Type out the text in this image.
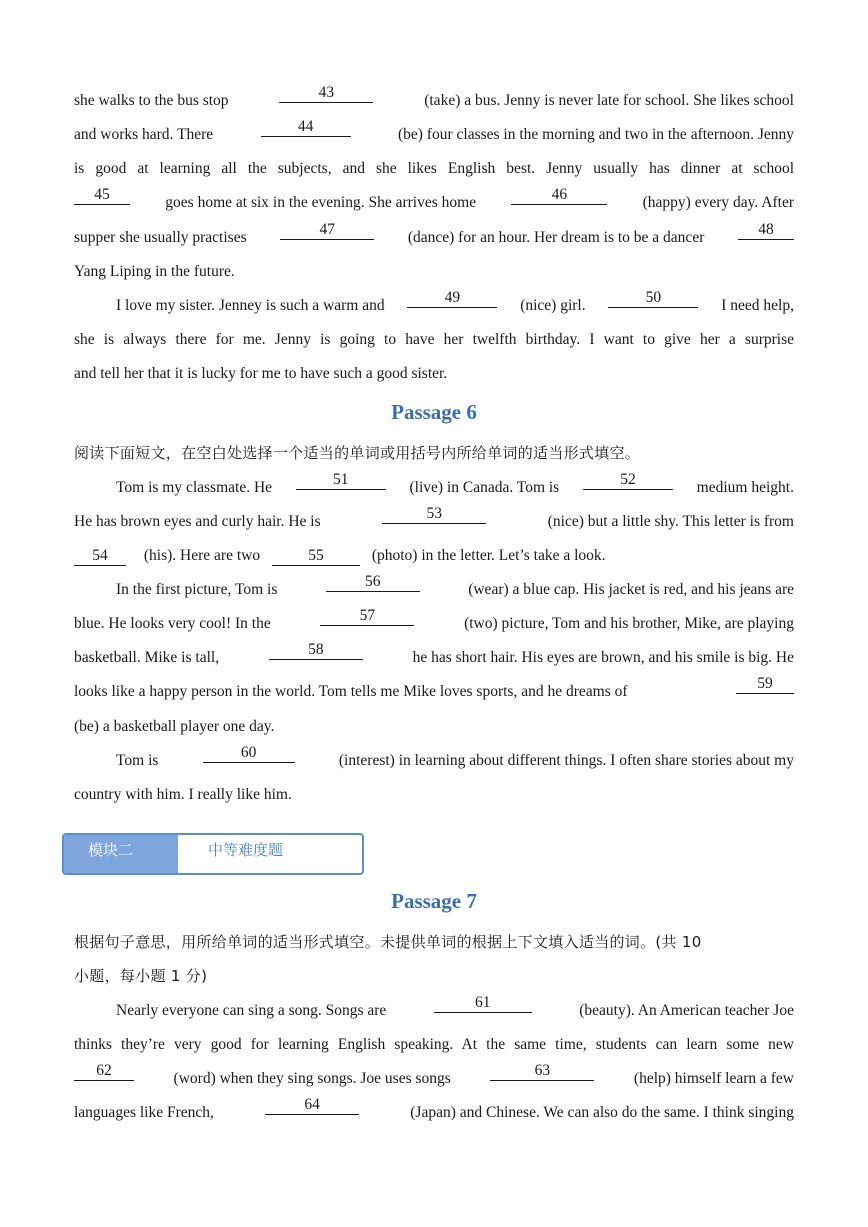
she walks to the bus stop	43	(take) a bus. Jenny is never late for school. She likes school
and works hard. There	44	(be) four classes in the morning and two in the afternoon. Jenny
is good at learning all the subjects, and she likes English best. Jenny usually has dinner at school
45	goes home at six in the evening. She arrives home	46	(happy) every day. After
supper she usually practises	47	(dance) for an hour. Her dream is to be a dancer	48
Yang Liping in the future.
I love my sister. Jenney is such a warm and	49	(nice) girl.	50	I need help,
she is always there for me. Jenny is going to have her twelfth birthday. I want to give her a surprise
and tell her that it is lucky for me to have such a good sister.
Passage 6
阅读下面短文，在空白处选择一个适当的单词或用括号内所给单词的适当形式填空。
Tom is my classmate. He	51	(live) in Canada. Tom is	52	medium height.
He has brown eyes and curly hair. He is	53	(nice) but a little shy. This letter is from
54 (his). Here are two	55	(photo) in the letter. Let’s take a look.
In the first picture, Tom is	56	(wear) a blue cap. His jacket is red, and his jeans are
blue. He looks very cool! In the	57	(two) picture, Tom and his brother, Mike, are playing
basketball. Mike is tall,	58	he has short hair. His eyes are brown, and his smile is big. He
looks like a happy person in the world. Tom tells me Mike loves sports, and he dreams of	59
(be) a basketball player one day.
Tom is	60	(interest) in learning about different things. I often share stories about my
country with him. I really like him.
模块二	中等难度题
Passage 7
根据句子意思，用所给单词的适当形式填空。未提供单词的根据上下文填入适当的词。(共 10
小题，每小题 1 分)
Nearly everyone can sing a song. Songs are	61	(beauty). An American teacher Joe
thinks they’re very good for learning English speaking. At the same time, students can learn some new
62	(word) when they sing songs. Joe uses songs	63	(help) himself learn a few
languages like French,	64	(Japan) and Chinese. We can also do the same. I think singing
